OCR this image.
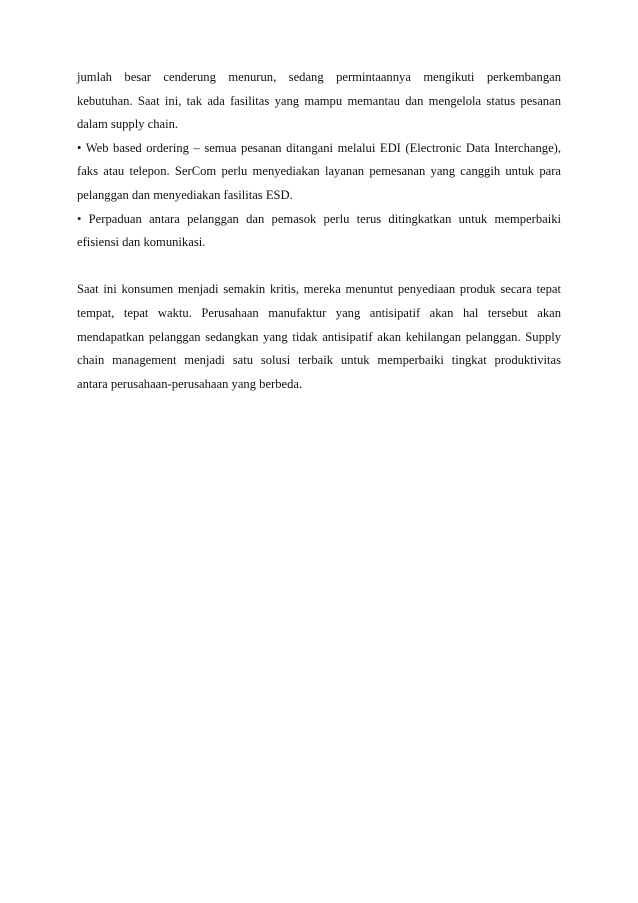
jumlah besar cenderung menurun, sedang permintaannya mengikuti perkembangan
kebutuhan. Saat ini, tak ada fasilitas yang mampu memantau dan mengelola status pesanan
dalam supply chain.
• Web based ordering – semua pesanan ditangani melalui EDI (Electronic Data Interchange),
faks atau telepon. SerCom perlu menyediakan layanan pemesanan yang canggih untuk para
pelanggan dan menyediakan fasilitas ESD.
• Perpaduan antara pelanggan dan pemasok perlu terus ditingkatkan untuk memperbaiki
efisiensi dan komunikasi.
Saat ini konsumen menjadi semakin kritis, mereka menuntut penyediaan produk secara tepat
tempat, tepat waktu. Perusahaan manufaktur yang antisipatif akan hal tersebut akan
mendapatkan pelanggan sedangkan yang tidak antisipatif akan kehilangan pelanggan. Supply
chain management menjadi satu solusi terbaik untuk memperbaiki tingkat produktivitas
antara perusahaan-perusahaan yang berbeda.
